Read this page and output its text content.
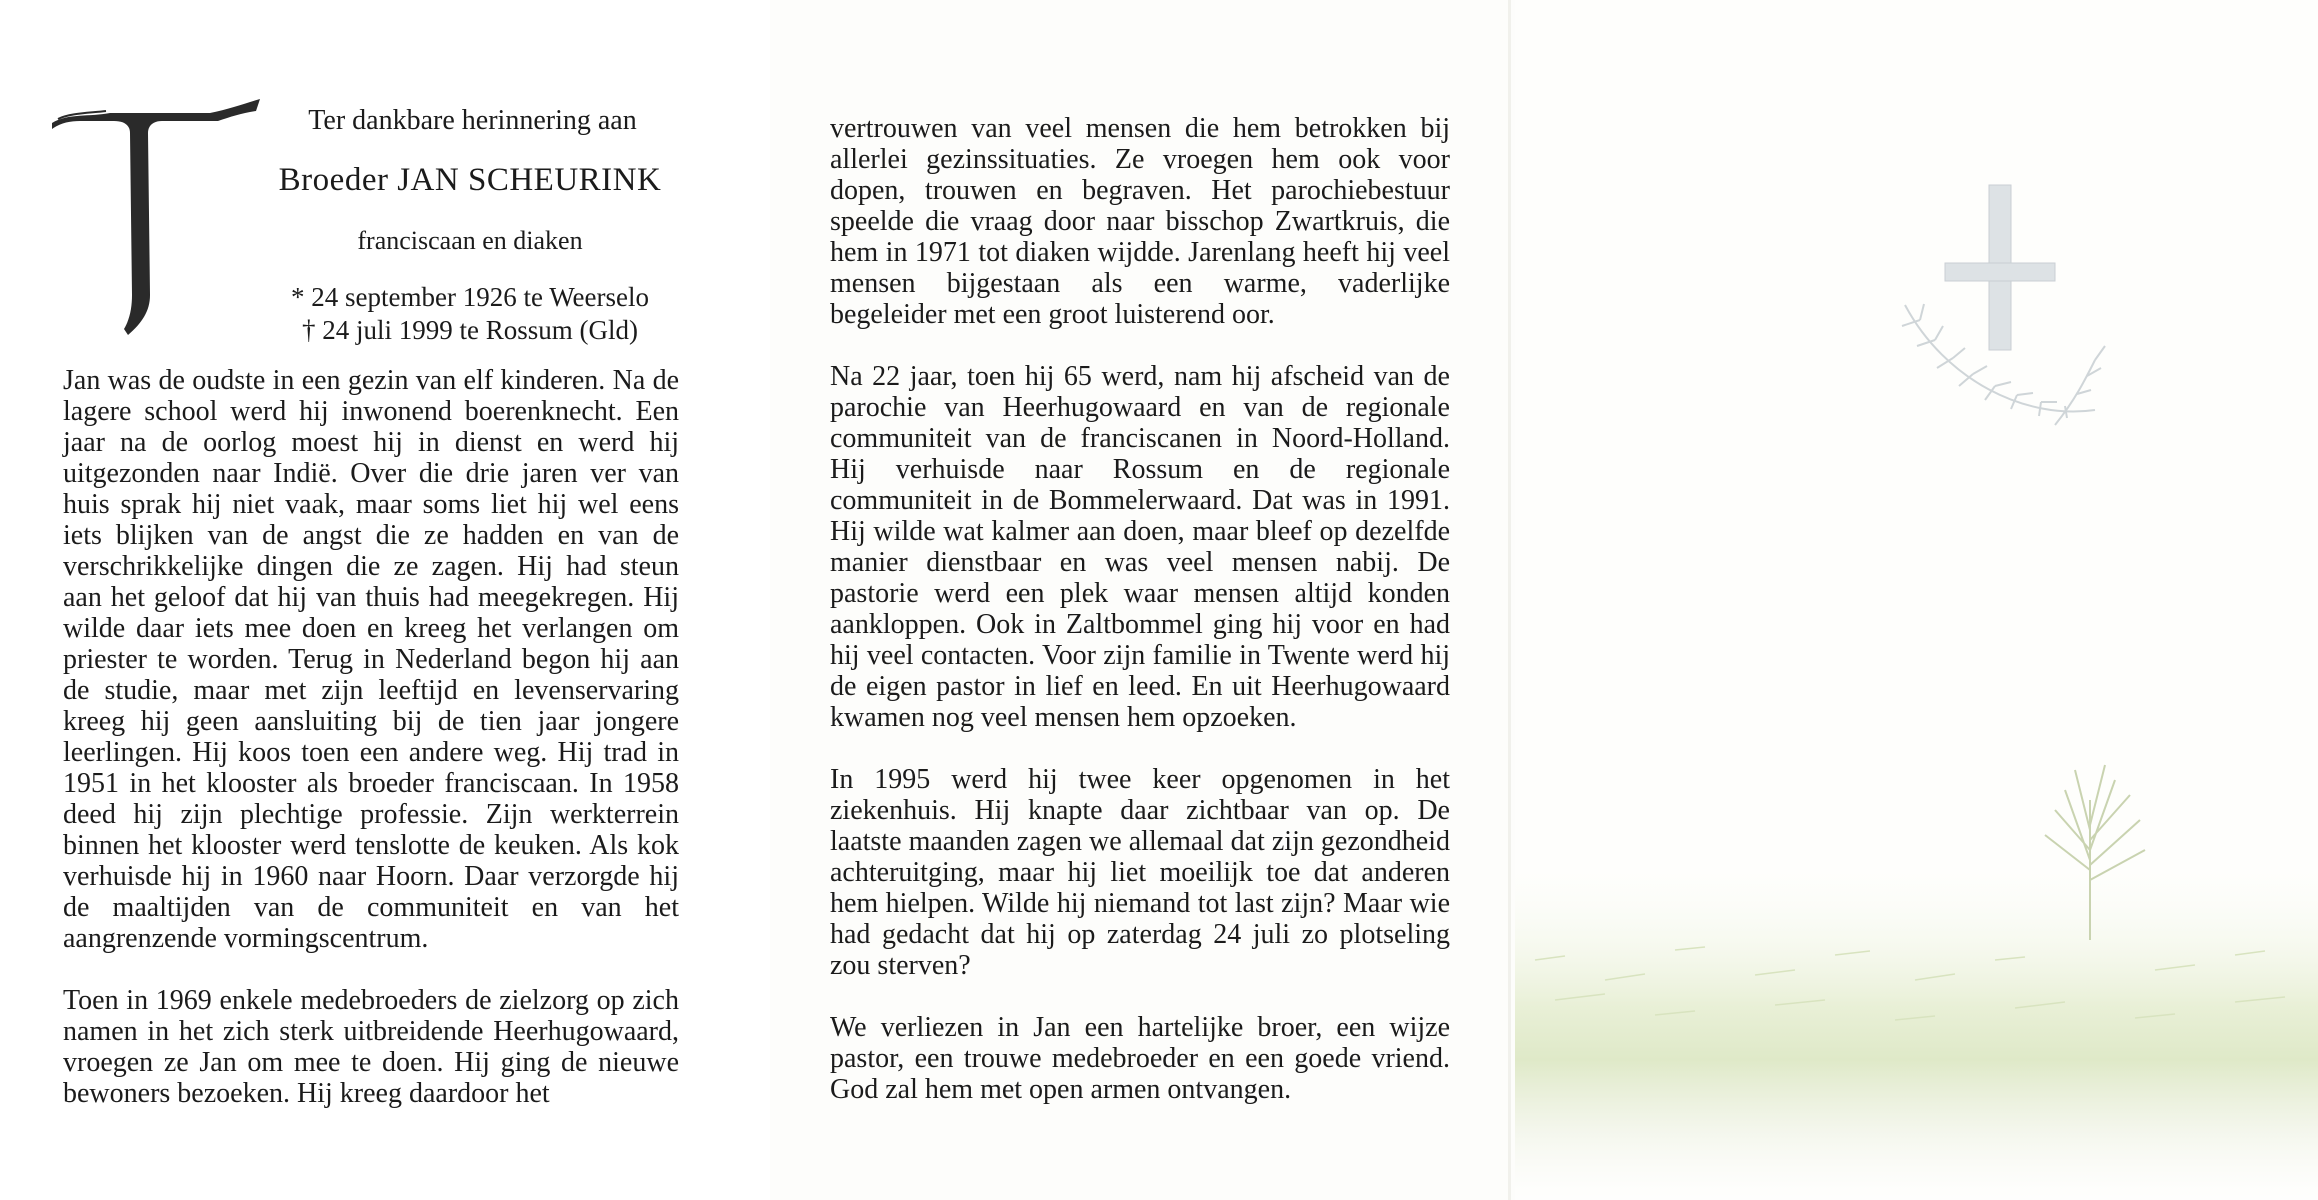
Ter dankbare herinnering aan

Broeder JAN SCHEURINK

franciscaan en diaken

* 24 september 1926 te Weerselo

† 24 juli 1999 te Rossum (Gld)

Jan was de oudste in een gezin van elf kinderen. Na de lagere school werd hij inwonend boerenknecht. Een jaar na de oorlog moest hij in dienst en werd hij uitgezonden naar Indië. Over die drie jaren ver van huis sprak hij niet vaak, maar soms liet hij wel eens iets blijken van de angst die ze hadden en van de verschrikkelijke dingen die ze zagen. Hij had steun aan het geloof dat hij van thuis had meegekregen. Hij wilde daar iets mee doen en kreeg het verlangen om priester te worden. Terug in Nederland begon hij aan de studie, maar met zijn leeftijd en levenservaring kreeg hij geen aansluiting bij de tien jaar jongere leerlingen. Hij koos toen een andere weg. Hij trad in 1951 in het klooster als broeder franciscaan. In 1958 deed hij zijn plechtige professie. Zijn werkterrein binnen het klooster werd tenslotte de keuken. Als kok verhuisde hij in 1960 naar Hoorn. Daar verzorgde hij de maaltijden van de communiteit en van het aangrenzende vormingscentrum.

Toen in 1969 enkele medebroeders de zielzorg op zich namen in het zich sterk uitbreidende Heerhugowaard, vroegen ze Jan om mee te doen. Hij ging de nieuwe bewoners bezoeken. Hij kreeg daardoor het

vertrouwen van veel mensen die hem betrokken bij allerlei gezinssituaties. Ze vroegen hem ook voor dopen, trouwen en begraven. Het parochiebestuur speelde die vraag door naar bisschop Zwartkruis, die hem in 1971 tot diaken wijdde. Jarenlang heeft hij veel mensen bijgestaan als een warme, vaderlijke begeleider met een groot luisterend oor.

Na 22 jaar, toen hij 65 werd, nam hij afscheid van de parochie van Heerhugowaard en van de regionale communiteit van de franciscanen in Noord-Holland. Hij verhuisde naar Rossum en de regionale communiteit in de Bommelerwaard. Dat was in 1991. Hij wilde wat kalmer aan doen, maar bleef op dezelfde manier dienstbaar en was veel mensen nabij. De pastorie werd een plek waar mensen altijd konden aankloppen. Ook in Zaltbommel ging hij voor en had hij veel contacten. Voor zijn familie in Twente werd hij de eigen pastor in lief en leed. En uit Heerhugowaard kwamen nog veel mensen hem opzoeken.

In 1995 werd hij twee keer opgenomen in het ziekenhuis. Hij knapte daar zichtbaar van op. De laatste maanden zagen we allemaal dat zijn gezondheid achteruitging, maar hij liet moeilijk toe dat anderen hem hielpen. Wilde hij niemand tot last zijn? Maar wie had gedacht dat hij op zaterdag 24 juli zo plotseling zou sterven?

We verliezen in Jan een hartelijke broer, een wijze pastor, een trouwe medebroeder en een goede vriend. God zal hem met open armen ontvangen.
